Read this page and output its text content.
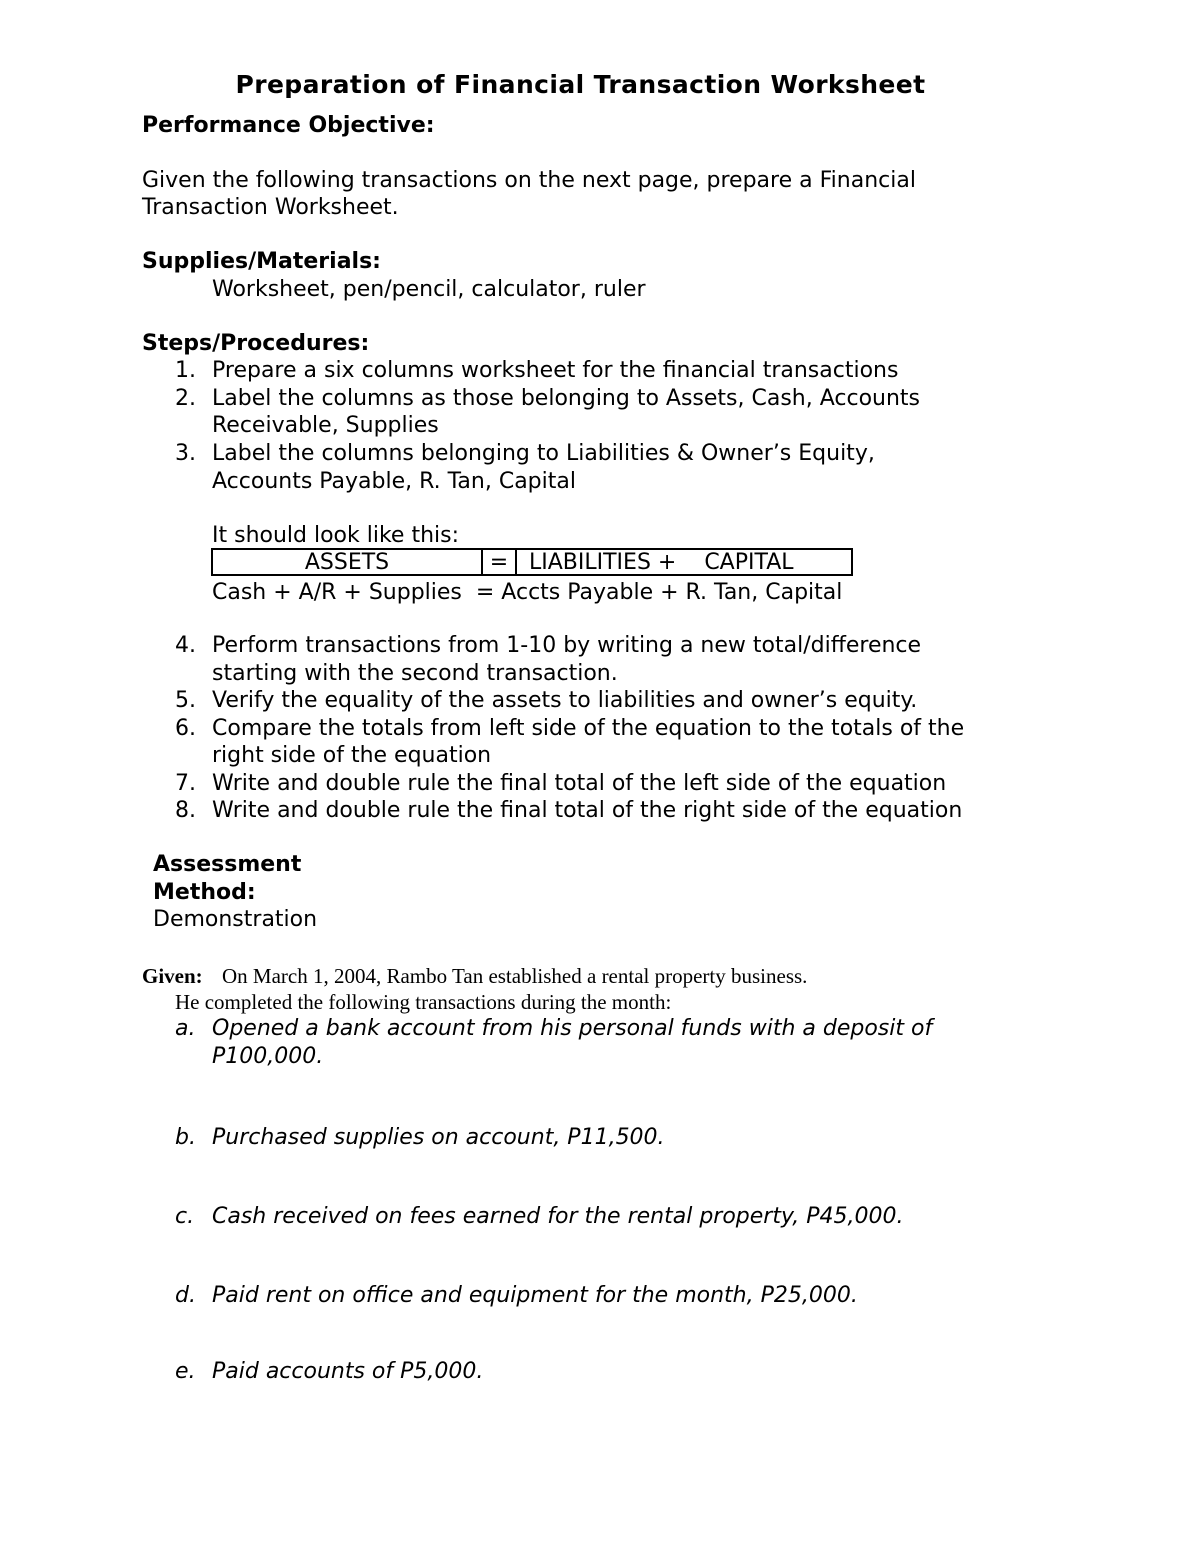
Preparation of Financial Transaction Worksheet
Performance Objective:
Given the following transactions on the next page, prepare a Financial
Transaction Worksheet.
Supplies/Materials:
Worksheet, pen/pencil, calculator, ruler
Steps/Procedures:
1. Prepare a six columns worksheet for the financial transactions
2. Label the columns as those belonging to Assets, Cash, Accounts
Receivable, Supplies
3. Label the columns belonging to Liabilities & Owner’s Equity,
Accounts Payable, R. Tan, Capital
It should look like this:
ASSETS	= LIABILITIES +    CAPITAL
Cash + A/R + Supplies  = Accts Payable + R. Tan, Capital
4. Perform transactions from 1-10 by writing a new total/difference
starting with the second transaction.
5. Verify the equality of the assets to liabilities and owner’s equity.
6. Compare the totals from left side of the equation to the totals of the
right side of the equation
7. Write and double rule the final total of the left side of the equation
8. Write and double rule the final total of the right side of the equation
Assessment
Method:
Demonstration
Given: On March 1, 2004, Rambo Tan established a rental property business.
He completed the following transactions during the month:
a. Opened a bank account from his personal funds with a deposit of
P100,000.
b. Purchased supplies on account, P11,500.
c. Cash received on fees earned for the rental property, P45,000.
d. Paid rent on office and equipment for the month, P25,000.
e. Paid accounts of P5,000.
